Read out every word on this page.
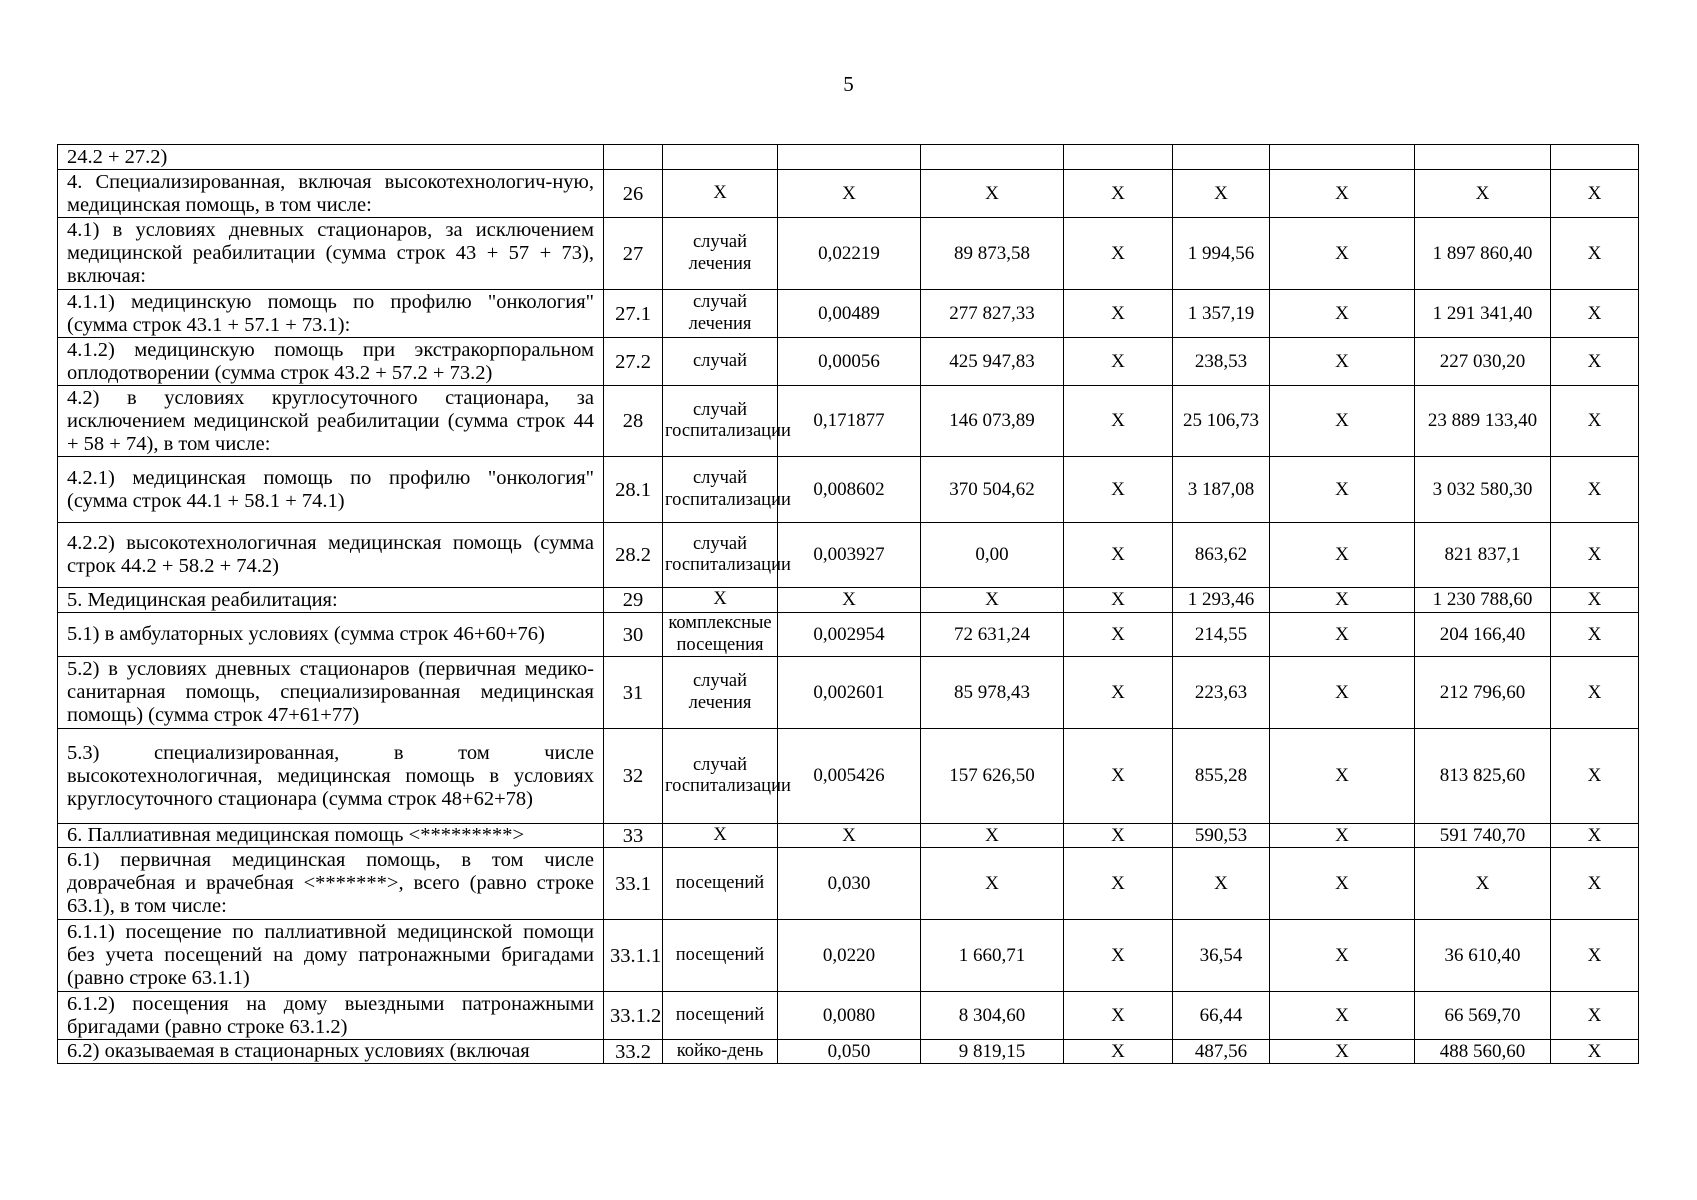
5
24.2 + 27.2)									
4. Специализированная, включая высокотехнологич-ную, медицинская помощь, в том числе:	26	Х	Х	Х	Х	Х	Х	Х	Х
4.1) в условиях дневных стационаров, за исключением медицинской реабилитации (сумма строк 43 + 57 + 73), включая:	27	случай лечения	0,02219	89 873,58	Х	1 994,56	Х	1 897 860,40	Х
4.1.1) медицинскую помощь по профилю "онкология" (сумма строк 43.1 + 57.1 + 73.1):	27.1	случай лечения	0,00489	277 827,33	Х	1 357,19	Х	1 291 341,40	Х
4.1.2) медицинскую помощь при экстракорпоральном оплодотворении (сумма строк 43.2 + 57.2 + 73.2)	27.2	случай	0,00056	425 947,83	Х	238,53	Х	227 030,20	Х
4.2) в условиях круглосуточного стационара, за исключением медицинской реабилитации (сумма строк 44 + 58 + 74), в том числе:	28	случай госпитализации	0,171877	146 073,89	Х	25 106,73	Х	23 889 133,40	Х
4.2.1) медицинская помощь по профилю "онкология" (сумма строк 44.1 + 58.1 + 74.1)	28.1	случай госпитализации	0,008602	370 504,62	Х	3 187,08	Х	3 032 580,30	Х
4.2.2) высокотехнологичная медицинская помощь (сумма строк 44.2 + 58.2 + 74.2)	28.2	случай госпитализации	0,003927	0,00	Х	863,62	Х	821 837,1	Х
5. Медицинская реабилитация:	29	Х	Х	Х	Х	1 293,46	Х	1 230 788,60	Х
5.1) в амбулаторных условиях (сумма строк 46+60+76)	30	комплексные посещения	0,002954	72 631,24	Х	214,55	Х	204 166,40	Х
5.2) в условиях дневных стационаров (первичная медико-санитарная помощь, специализированная медицинская помощь) (сумма строк 47+61+77)	31	случай лечения	0,002601	85 978,43	Х	223,63	Х	212 796,60	Х
5.3) специализированная, в том числе высокотехнологичная, медицинская помощь в условиях круглосуточного стационара (сумма строк 48+62+78)	32	случай госпитализации	0,005426	157 626,50	Х	855,28	Х	813 825,60	Х
6. Паллиативная медицинская помощь <*********>	33	Х	Х	Х	Х	590,53	Х	591 740,70	Х
6.1) первичная медицинская помощь, в том числе доврачебная и врачебная <*******>, всего (равно строке 63.1), в том числе:	33.1	посещений	0,030	Х	Х	Х	Х	Х	Х
6.1.1) посещение по паллиативной медицинской помощи без учета посещений на дому патронажными бригадами (равно строке 63.1.1)	33.1.1	посещений	0,0220	1 660,71	Х	36,54	Х	36 610,40	Х
6.1.2) посещения на дому выездными патронажными бригадами (равно строке 63.1.2)	33.1.2	посещений	0,0080	8 304,60	Х	66,44	Х	66 569,70	Х
6.2) оказываемая в стационарных условиях (включая	33.2	койко-день	0,050	9 819,15	Х	487,56	Х	488 560,60	Х
